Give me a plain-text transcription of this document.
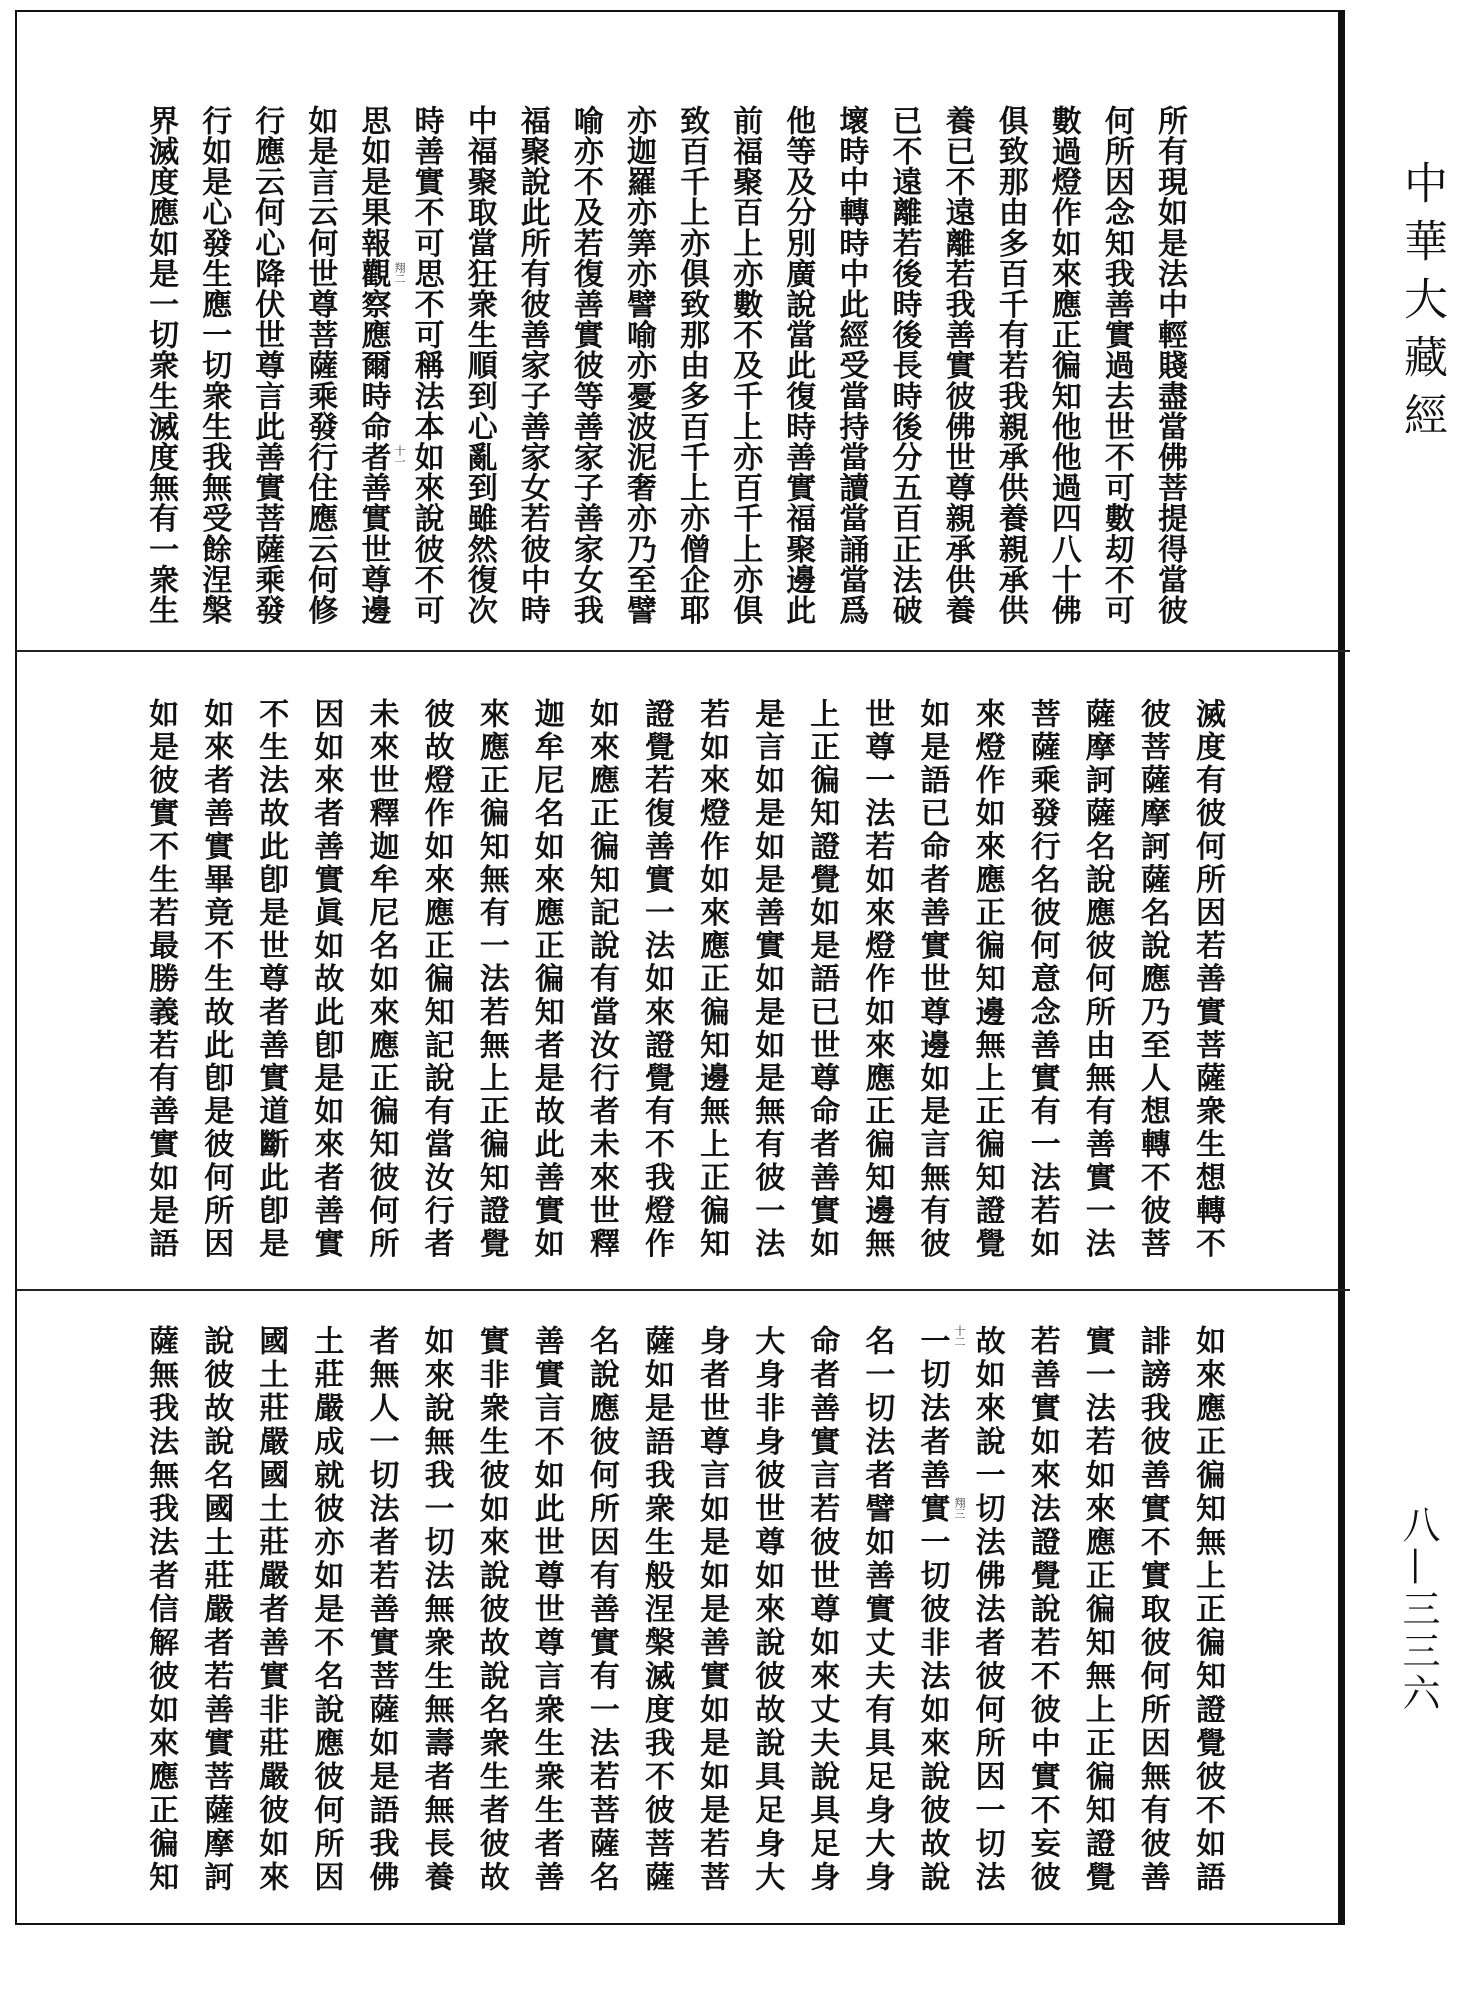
所有現如是法中輕賤盡當佛菩提得當彼
何所因念知我善實過去世不可數刧不可
數過燈作如來應正徧知他他過四八十佛
俱致那由多百千有若我親承供養親承供
養已不遠離若我善實彼佛世尊親承供養
已不遠離若後時後長時後分五百正法破
壞時中轉時中此經受當持當讀當誦當爲
他等及分別廣說當此復時善實福聚邊此
前福聚百上亦數不及千上亦百千上亦俱
致百千上亦俱致那由多百千上亦僧企耶
亦迦羅亦筭亦譬喻亦憂波泥奢亦乃至譬
喻亦不及若復善實彼等善家子善家女我
福聚說此所有彼善家子善家女若彼中時
中福聚取當狂衆生順到心亂到雖然復次
時善實不可思不可稱法本如來說彼不可
思如是果報觀察應爾時命者善實世尊邊
如是言云何世尊菩薩乘發行住應云何修
行應云何心降伏世尊言此善實菩薩乘發
行如是心發生應一切衆生我無受餘涅槃
界滅度應如是一切衆生滅度無有一衆生	翔二
十一
滅度有彼何所因若善實菩薩衆生想轉不
彼菩薩摩訶薩名說應乃至人想轉不彼菩
薩摩訶薩名說應彼何所由無有善實一法
菩薩乘發行名彼何意念善實有一法若如
來燈作如來應正徧知邊無上正徧知證覺
如是語已命者善實世尊邊如是言無有彼
世尊一法若如來燈作如來應正徧知邊無
上正徧知證覺如是語已世尊命者善實如
是言如是如是善實如是如是無有彼一法
若如來燈作如來應正徧知邊無上正徧知
證覺若復善實一法如來證覺有不我燈作
如來應正徧知記說有當汝行者未來世釋
迦牟尼名如來應正徧知者是故此善實如
來應正徧知無有一法若無上正徧知證覺
彼故燈作如來應正徧知記說有當汝行者
未來世釋迦牟尼名如來應正徧知彼何所
因如來者善實眞如故此卽是如來者善實
不生法故此卽是世尊者善實道斷此卽是
如來者善實畢竟不生故此卽是彼何所因
如是彼實不生若最勝義若有善實如是語
如來應正徧知無上正徧知證覺彼不如語
誹謗我彼善實不實取彼何所因無有彼善
實一法若如來應正徧知無上正徧知證覺
若善實如來法證覺說若不彼中實不妄彼
故如來說一切法佛法者彼何所因一切法
一切法者善實一切彼非法如來說彼故說
名一切法者譬如善實丈夫有具足身大身
命者善實言若彼世尊如來丈夫說具足身
大身非身彼世尊如來說彼故說具足身大
身者世尊言如是如是善實如是如是若菩
薩如是語我衆生般涅槃滅度我不彼菩薩
名說應彼何所因有善實有一法若菩薩名
善實言不如此世尊世尊言衆生衆生者善
實非衆生彼如來說彼故說名衆生者彼故
如來說無我一切法無衆生無壽者無長養
者無人一切法者若善實菩薩如是語我佛
土莊嚴成就彼亦如是不名說應彼何所因
國土莊嚴國土莊嚴者善實非莊嚴彼如來
說彼故說名國土莊嚴者若善實菩薩摩訶
薩無我法無我法者信解彼如來應正徧知	十二
翔三
中華大藏經
八—三三六
